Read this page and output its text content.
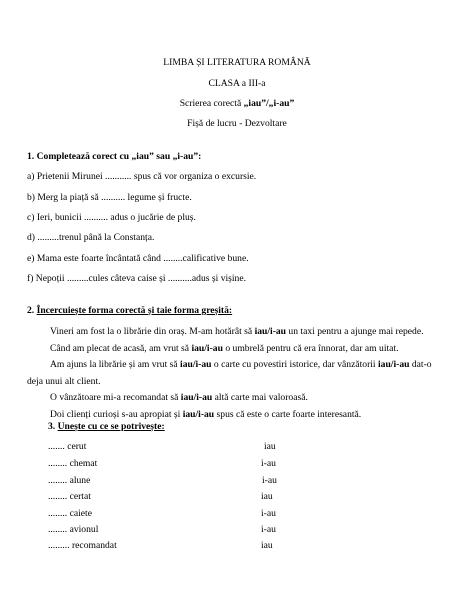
LIMBA ȘI LITERATURA ROMÂNĂ
CLASA a III-a
Scrierea corectă „iau”/„i-au”
Fișă de lucru - Dezvoltare
1. Completează corect cu „iau” sau „i-au”:
a) Prietenii Mirunei ........... spus că vor organiza o excursie.
b) Merg la piață să .......... legume și fructe.
c) Ieri, bunicii .......... adus o jucărie de pluș.
d) .........trenul până la Constanța.
e) Mama este foarte încântată când ........calificative bune.
f) Nepoții .........cules câteva caise și ..........adus și vișine.
2. Încercuiește forma corectă și taie forma greșită:

Vineri am fost la o librărie din oraș. M-am hotărât să iau/i-au un taxi pentru a ajunge mai repede.

Când am plecat de acasă, am vrut să iau/i-au o umbrelă pentru că era înnorat, dar am uitat.

Am ajuns la librărie și am vrut să iau/i-au o carte cu povestiri istorice, dar vânzătorii iau/i-au dat-o deja unui alt client.

O vânzătoare mi-a recomandat să iau/i-au altă carte mai valoroasă.

Doi clienți curioși s-au apropiat și iau/i-au spus că este o carte foarte interesantă.

3. Unește cu ce se potrivește:
....... cerut	iau
........ chemat	i-au
........ alune	i-au
........ certat	iau
........ caiete	i-au
........ avionul	i-au
......... recomandat	iau
